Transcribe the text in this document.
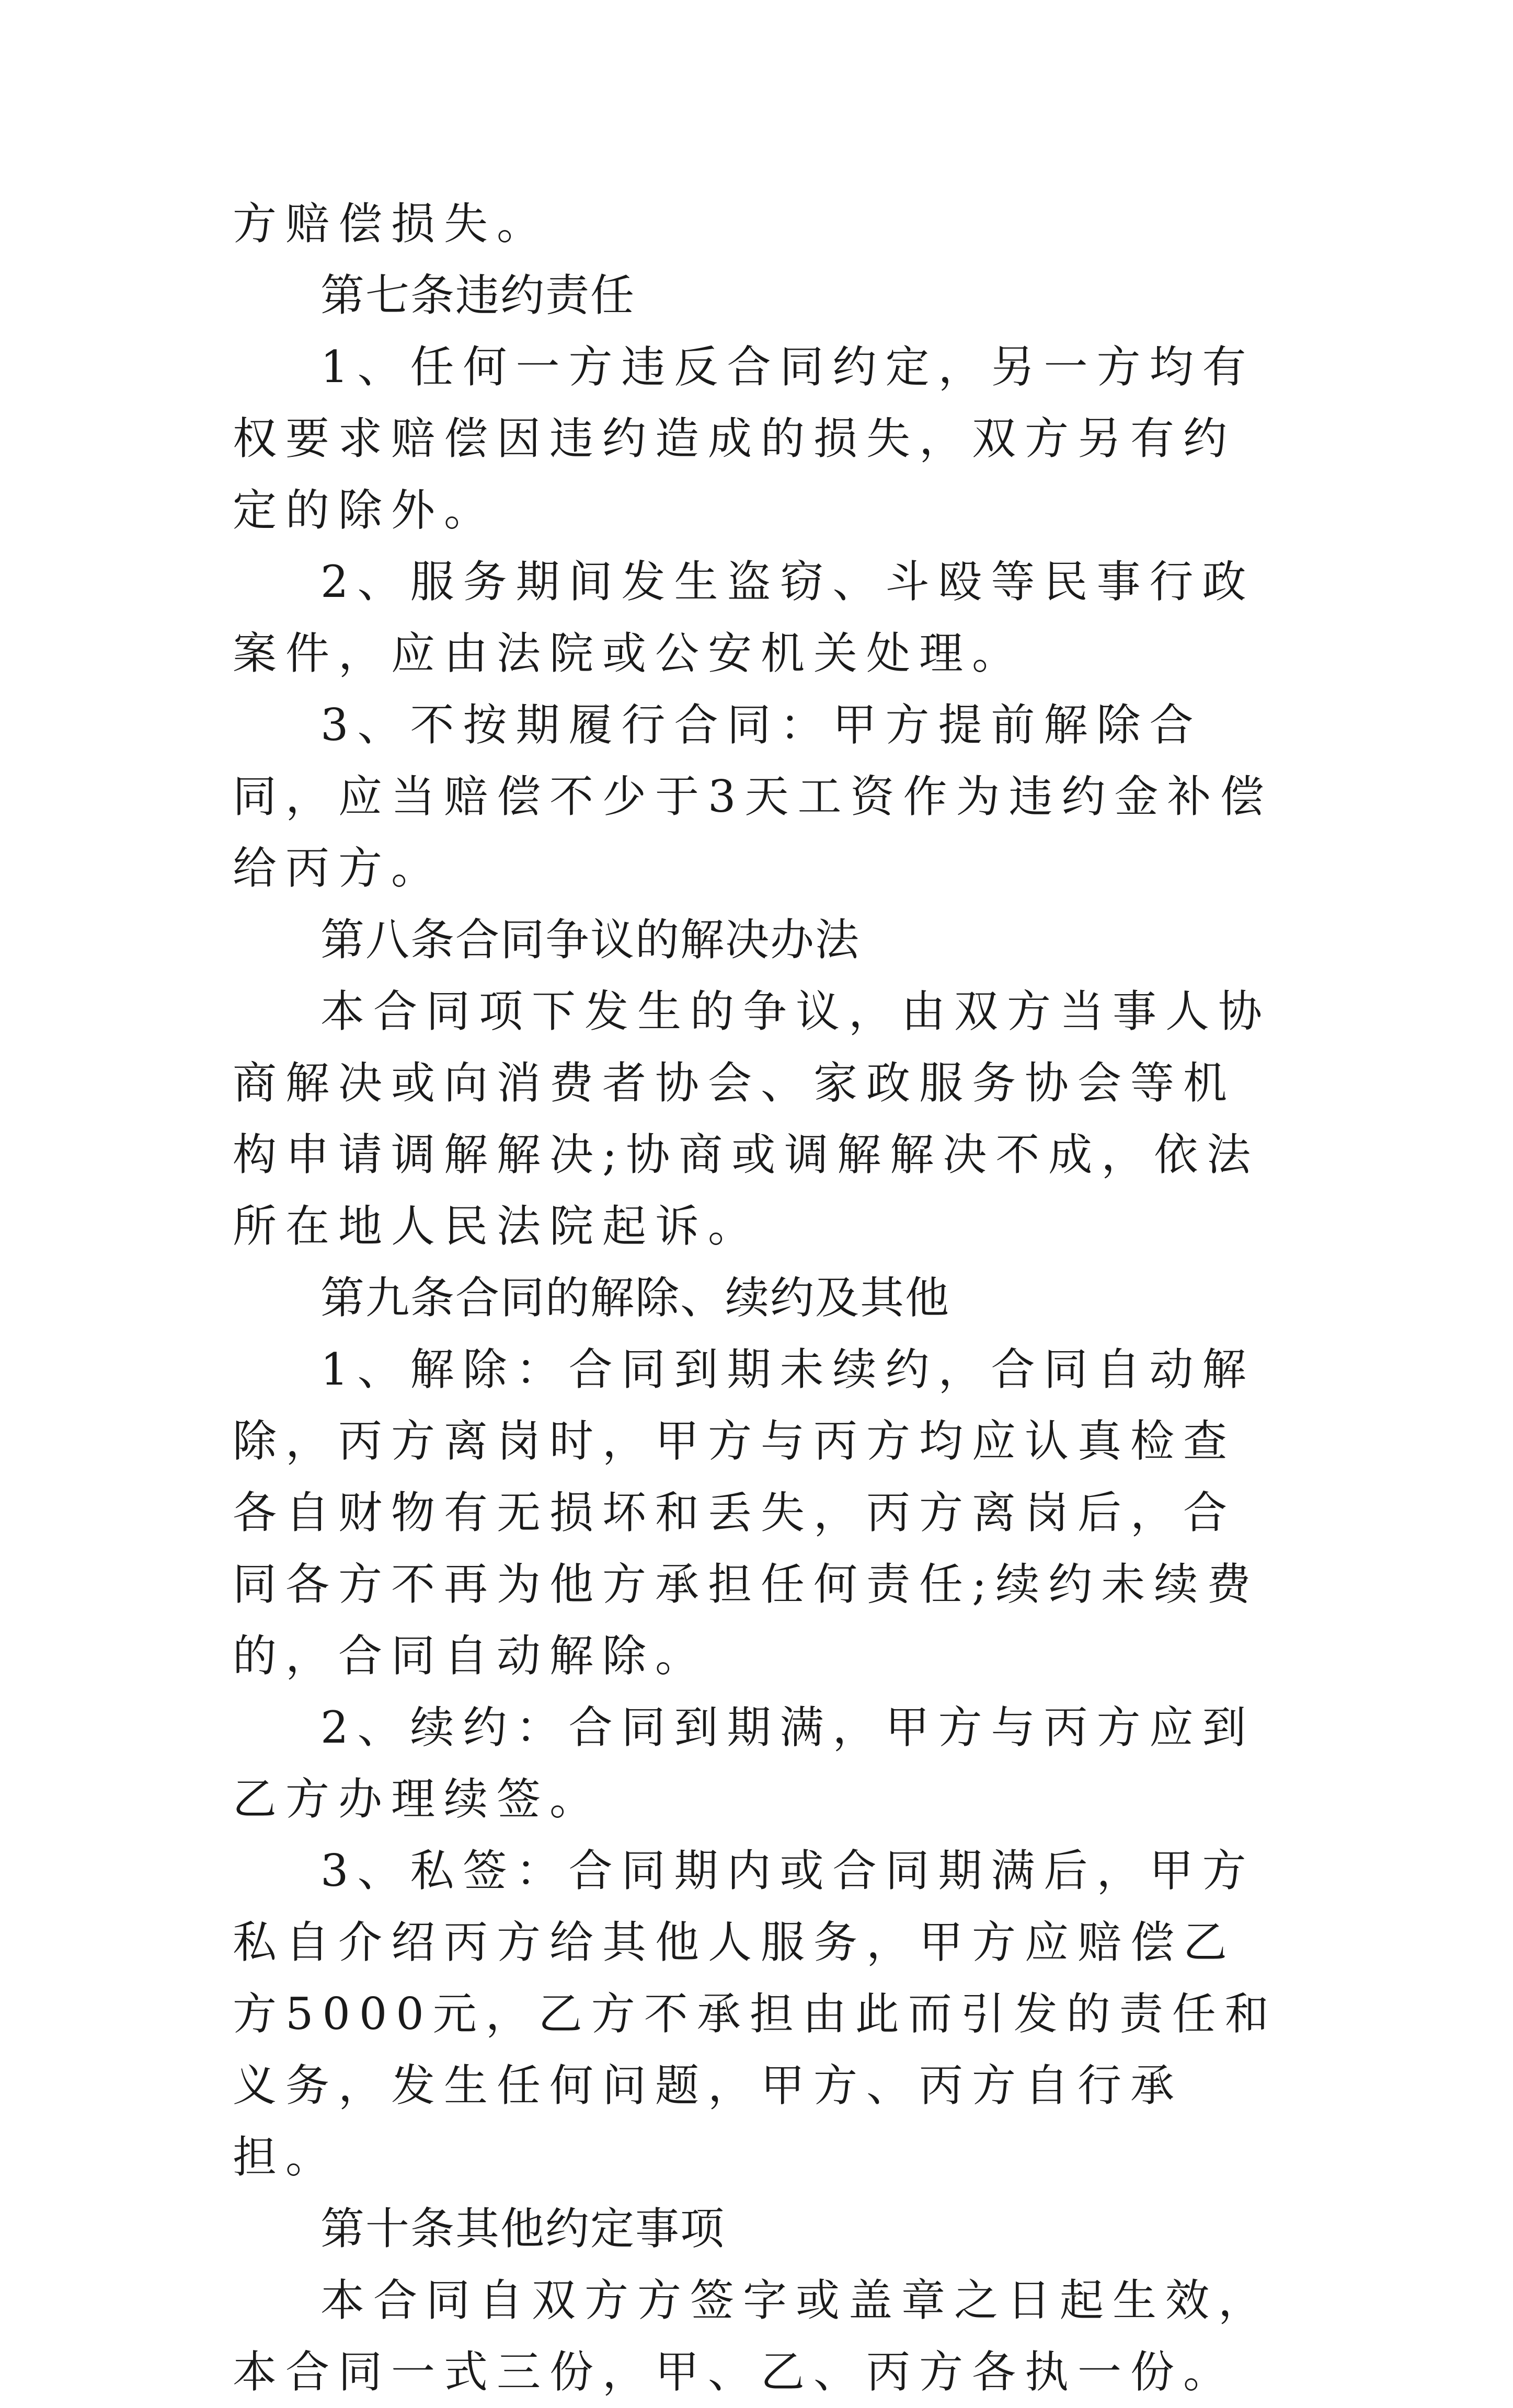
方赔偿损失。

第七条违约责任

1、任何一方违反合同约定，另一方均有权要求赔偿因违约造成的损失，双方另有约定的除外。

2、服务期间发生盗窃、斗殴等民事行政案件，应由法院或公安机关处理。

3、不按期履行合同：甲方提前解除合同，应当赔偿不少于3天工资作为违约金补偿给丙方。

第八条合同争议的解决办法

本合同项下发生的争议，由双方当事人协商解决或向消费者协会、家政服务协会等机构申请调解解决;协商或调解解决不成，依法所在地人民法院起诉。

第九条合同的解除、续约及其他

1、解除：合同到期未续约，合同自动解除，丙方离岗时，甲方与丙方均应认真检查各自财物有无损坏和丢失，丙方离岗后，合同各方不再为他方承担任何责任;续约未续费的，合同自动解除。

2、续约：合同到期满，甲方与丙方应到乙方办理续签。

3、私签：合同期内或合同期满后，甲方私自介绍丙方给其他人服务，甲方应赔偿乙方5000元，乙方不承担由此而引发的责任和义务，发生任何问题，甲方、丙方自行承担。

第十条其他约定事项

本合同自双方方签字或盖章之日起生效，本合同一式三份，甲、乙、丙方各执一份。
